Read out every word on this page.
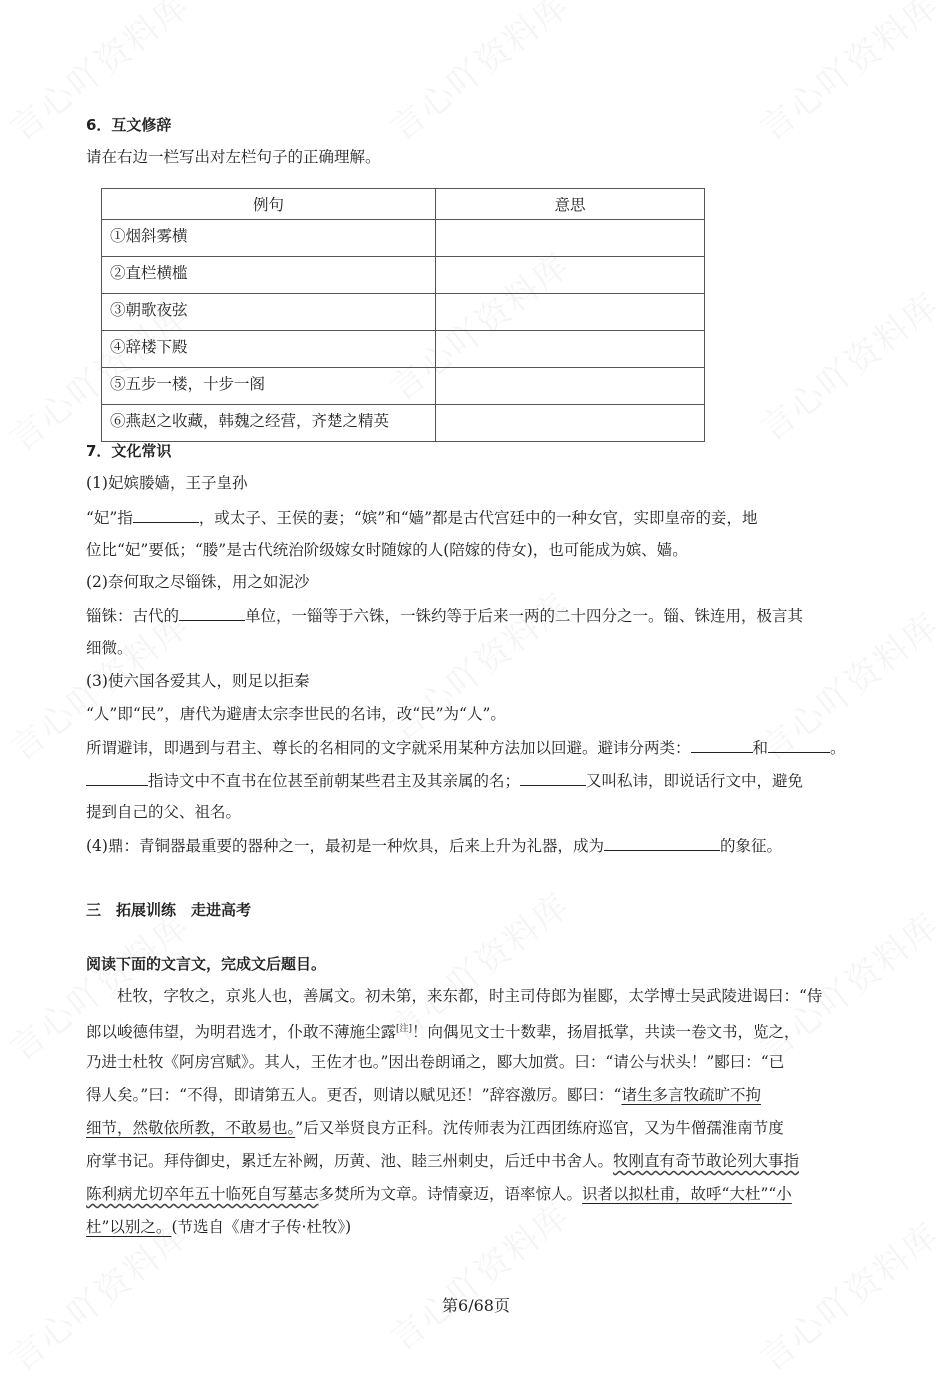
6．互文修辞
请在右边一栏写出对左栏句子的正确理解。
例句	意思
①烟斜雾横	
②直栏横槛	
③朝歌夜弦	
④辞楼下殿	
⑤五步一楼，十步一阁	
⑥燕赵之收藏，韩魏之经营，齐楚之精英	
7．文化常识
(1)妃嫔媵嫱，王子皇孙
“妃”指	，或太子、王侯的妻；“嫔”和“嫱”都是古代宫廷中的一种女官，实即皇帝的妾，地
位比“妃”要低；“媵”是古代统治阶级嫁女时随嫁的人(陪嫁的侍女)，也可能成为嫔、嫱。
(2)奈何取之尽锱铢，用之如泥沙
锱铢：古代的	单位，一锱等于六铢，一铢约等于后来一两的二十四分之一。锱、铢连用，极言其
细微。
(3)使六国各爱其人，则足以拒秦
“人”即“民”，唐代为避唐太宗李世民的名讳，改“民”为“人”。
所谓避讳，即遇到与君主、尊长的名相同的文字就采用某种方法加以回避。避讳分两类：	和	。
指诗文中不直书在位甚至前朝某些君主及其亲属的名；	又叫私讳，即说话行文中，避免
提到自己的父、祖名。
(4)鼎：青铜器最重要的器种之一，最初是一种炊具，后来上升为礼器，成为	的象征。
三　拓展训练　走进高考
阅读下面的文言文，完成文后题目。
　　杜牧，字牧之，京兆人也，善属文。初未第，来东都，时主司侍郎为崔郾，太学博士吴武陵进谒曰：“侍
郎以峻德伟望，为明君选才，仆敢不薄施尘露[注]！向偶见文士十数辈，扬眉抵掌，共读一卷文书，览之，
乃进士杜牧《阿房宫赋》。其人，王佐才也。”因出卷朗诵之，郾大加赏。曰：“请公与状头！”郾曰：“已
得人矣。”曰：“不得，即请第五人。更否，则请以赋见还！”辞容激厉。郾曰：“诸生多言牧疏旷不拘
细节，然敬依所教，不敢易也。”后又举贤良方正科。沈传师表为江西团练府巡官，又为牛僧孺淮南节度
府掌书记。拜侍御史，累迁左补阙，历黄、池、睦三州刺史，后迁中书舍人。牧刚直有奇节敢论列大事指
陈利病尤切卒年五十临死自写墓志多焚所为文章。诗情豪迈，语率惊人。识者以拟杜甫，故呼“大杜”“小
杜”以别之。(节选自《唐才子传·杜牧》)
第6/68页
